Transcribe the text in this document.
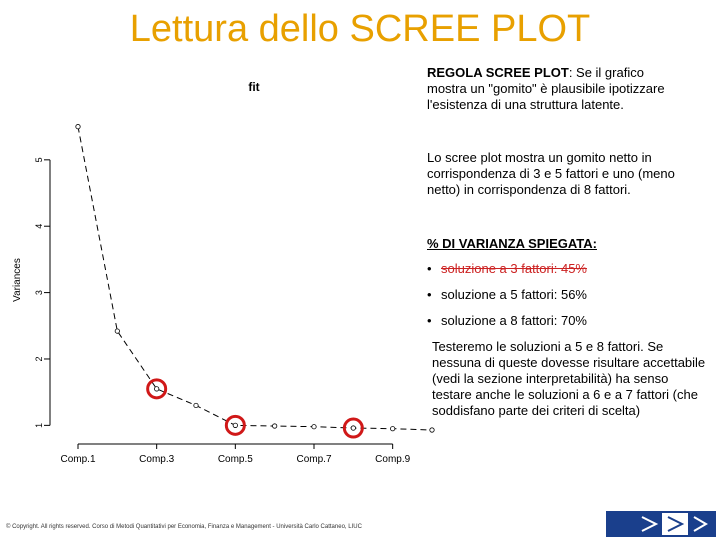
Lettura dello SCREE PLOT
fit
Variances
1
2
3
4
5
Comp.1	Comp.3	Comp.5	Comp.7	Comp.9
REGOLA SCREE PLOT: Se il grafico mostra un "gomito" è plausibile ipotizzare l'esistenza di una struttura latente.
Lo scree plot mostra un gomito netto in corrispondenza di 3 e 5 fattori e uno (meno netto) in corrispondenza di 8 fattori.
% DI VARIANZA SPIEGATA:
• soluzione a 3 fattori: 45%
• soluzione a 5 fattori: 56%
• soluzione a 8 fattori: 70%
Testeremo le soluzioni a 5 e 8 fattori. Se nessuna di queste dovesse risultare accettabile (vedi la sezione interpretabilità) ha senso testare anche le soluzioni a 6 e a 7 fattori (che soddisfano parte dei criteri di scelta)
© Copyright. All rights reserved. Corso di Metodi Quantitativi per Economia, Finanza e Management - Università Carlo Cattaneo, LIUC
